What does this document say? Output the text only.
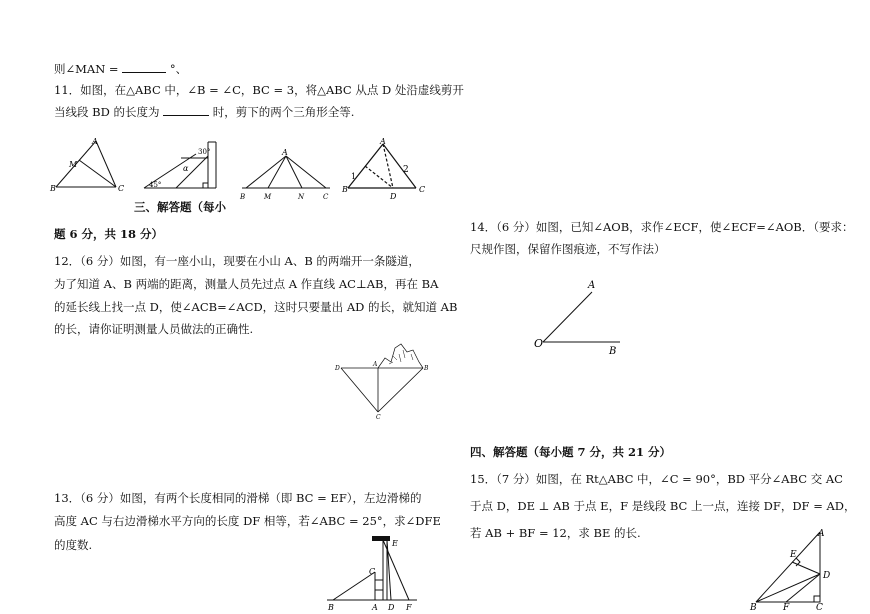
则∠MAN =	°、
11．如图，在△ABC 中，∠B = ∠C，BC = 3，将△ABC 从点 D 处沿虚线剪开
当线段 BD 的长度为	时，剪下的两个三角形全等.
A
M
B	C
30°
45°
α
A
B	M	N	C
A
1
2
B
D
C
三、解答题（每小
题 6 分，共 18 分）
12．（6 分）如图，有一座小山，现要在小山 A、B 的两端开一条隧道，
为了知道 A、B 两端的距离，测量人员先过点 A 作直线 AC⊥AB，再在 BA
的延长线上找一点 D，使∠ACB=∠ACD，这时只要量出 AD 的长，就知道 AB
的长，请你证明测量人员做法的正确性.
D
A
B
C
13．（6 分）如图，有两个长度相同的滑梯（即 BC = EF），左边滑梯的
高度 AC 与右边滑梯水平方向的长度 DF 相等，若∠ABC = 25°，求∠DFE
的度数.	E
C
B	A D F
14．（6 分）如图，已知∠AOB，求作∠ECF，使∠ECF=∠AOB．（要求：
尺规作图，保留作图痕迹，不写作法）
A
O
B
四、解答题（每小题 7 分，共 21 分）
15．（7 分）如图，在 Rt△ABC 中，∠C = 90°，BD 平分∠ABC 交 AC
于点 D，DE ⊥ AB 于点 E，F 是线段 BC 上一点，连接 DF，DF = AD，
若 AB + BF = 12，求 BE 的长.	A
E
D
B	F	C
